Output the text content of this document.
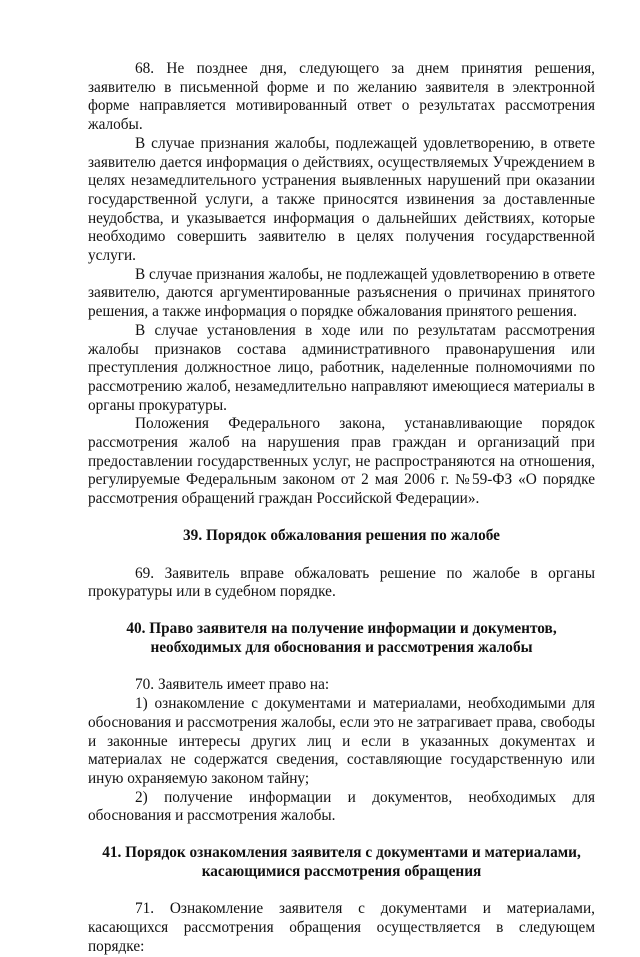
68. Не позднее дня, следующего за днем принятия решения, заявителю в письменной форме и по желанию заявителя в электронной форме направляется мотивированный ответ о результатах рассмотрения жалобы.

В случае признания жалобы, подлежащей удовлетворению, в ответе заявителю дается информация о действиях, осуществляемых Учреждением в целях незамедлительного устранения выявленных нарушений при оказании государственной услуги, а также приносятся извинения за доставленные неудобства, и указывается информация о дальнейших действиях, которые необходимо совершить заявителю в целях получения государственной услуги.

В случае признания жалобы, не подлежащей удовлетворению в ответе заявителю, даются аргументированные разъяснения о причинах принятого решения, а также информация о порядке обжалования принятого решения.

В случае установления в ходе или по результатам рассмотрения жалобы признаков состава административного правонарушения или преступления должностное лицо, работник, наделенные полномочиями по рассмотрению жалоб, незамедлительно направляют имеющиеся материалы в органы прокуратуры.

Положения Федерального закона, устанавливающие порядок рассмотрения жалоб на нарушения прав граждан и организаций при предоставлении государственных услуг, не распространяются на отношения, регулируемые Федеральным законом от 2 мая 2006 г. №59-ФЗ «О порядке рассмотрения обращений граждан Российской Федерации».

39. Порядок обжалования решения по жалобе

69. Заявитель вправе обжаловать решение по жалобе в органы прокуратуры или в судебном порядке.

40. Право заявителя на получение информации и документов,

необходимых для обоснования и рассмотрения жалобы

70. Заявитель имеет право на:

1) ознакомление с документами и материалами, необходимыми для обоснования и рассмотрения жалобы, если это не затрагивает права, свободы и законные интересы других лиц и если в указанных документах и материалах не содержатся сведения, составляющие государственную или иную охраняемую законом тайну;

2) получение информации и документов, необходимых для обоснования и рассмотрения жалобы.

41. Порядок ознакомления заявителя с документами и материалами,

касающимися рассмотрения обращения

71. Ознакомление заявителя с документами и материалами, касающихся рассмотрения обращения осуществляется в следующем порядке:
